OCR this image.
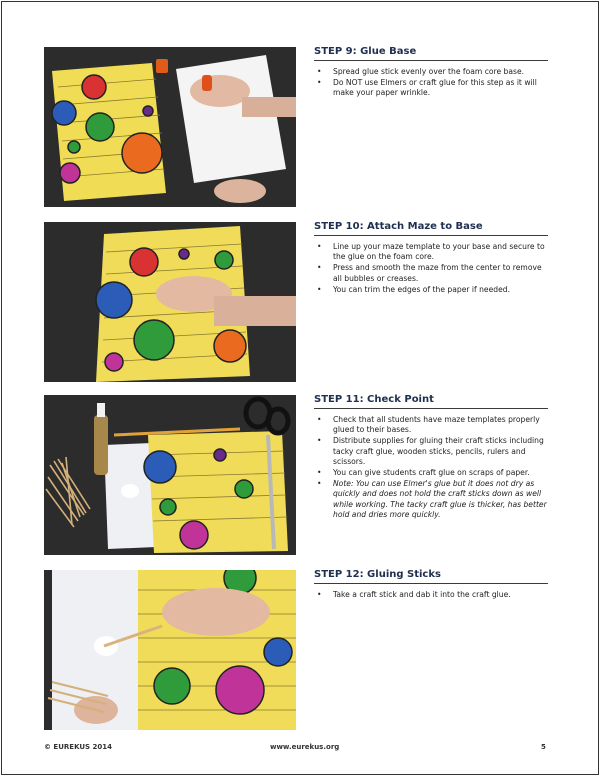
STEP 9: Glue Base
• Spread glue stick evenly over the foam core base.
• Do NOT use Elmers or craft glue for this step as it will make your paper wrinkle.
STEP 10: Attach Maze to Base
• Line up your maze template to your base and secure to the glue on the foam core.
• Press and smooth the maze from the center to remove all bubbles or creases.
• You can trim the edges of the paper if needed.
STEP 11: Check Point
• Check that all students have maze templates properly glued to their bases.
• Distribute supplies for gluing their craft sticks including tacky craft glue, wooden sticks, pencils, rulers and scissors.
• You can give students craft glue on scraps of paper.
• Note: You can use Elmer's glue but it does not dry as quickly and does not hold the craft sticks down as well while working. The tacky craft glue is thicker, has better hold and dries more quickly.
STEP 12: Gluing Sticks
• Take a craft stick and dab it into the craft glue.
© EUREKUS 2014	www.eurekus.org	5
